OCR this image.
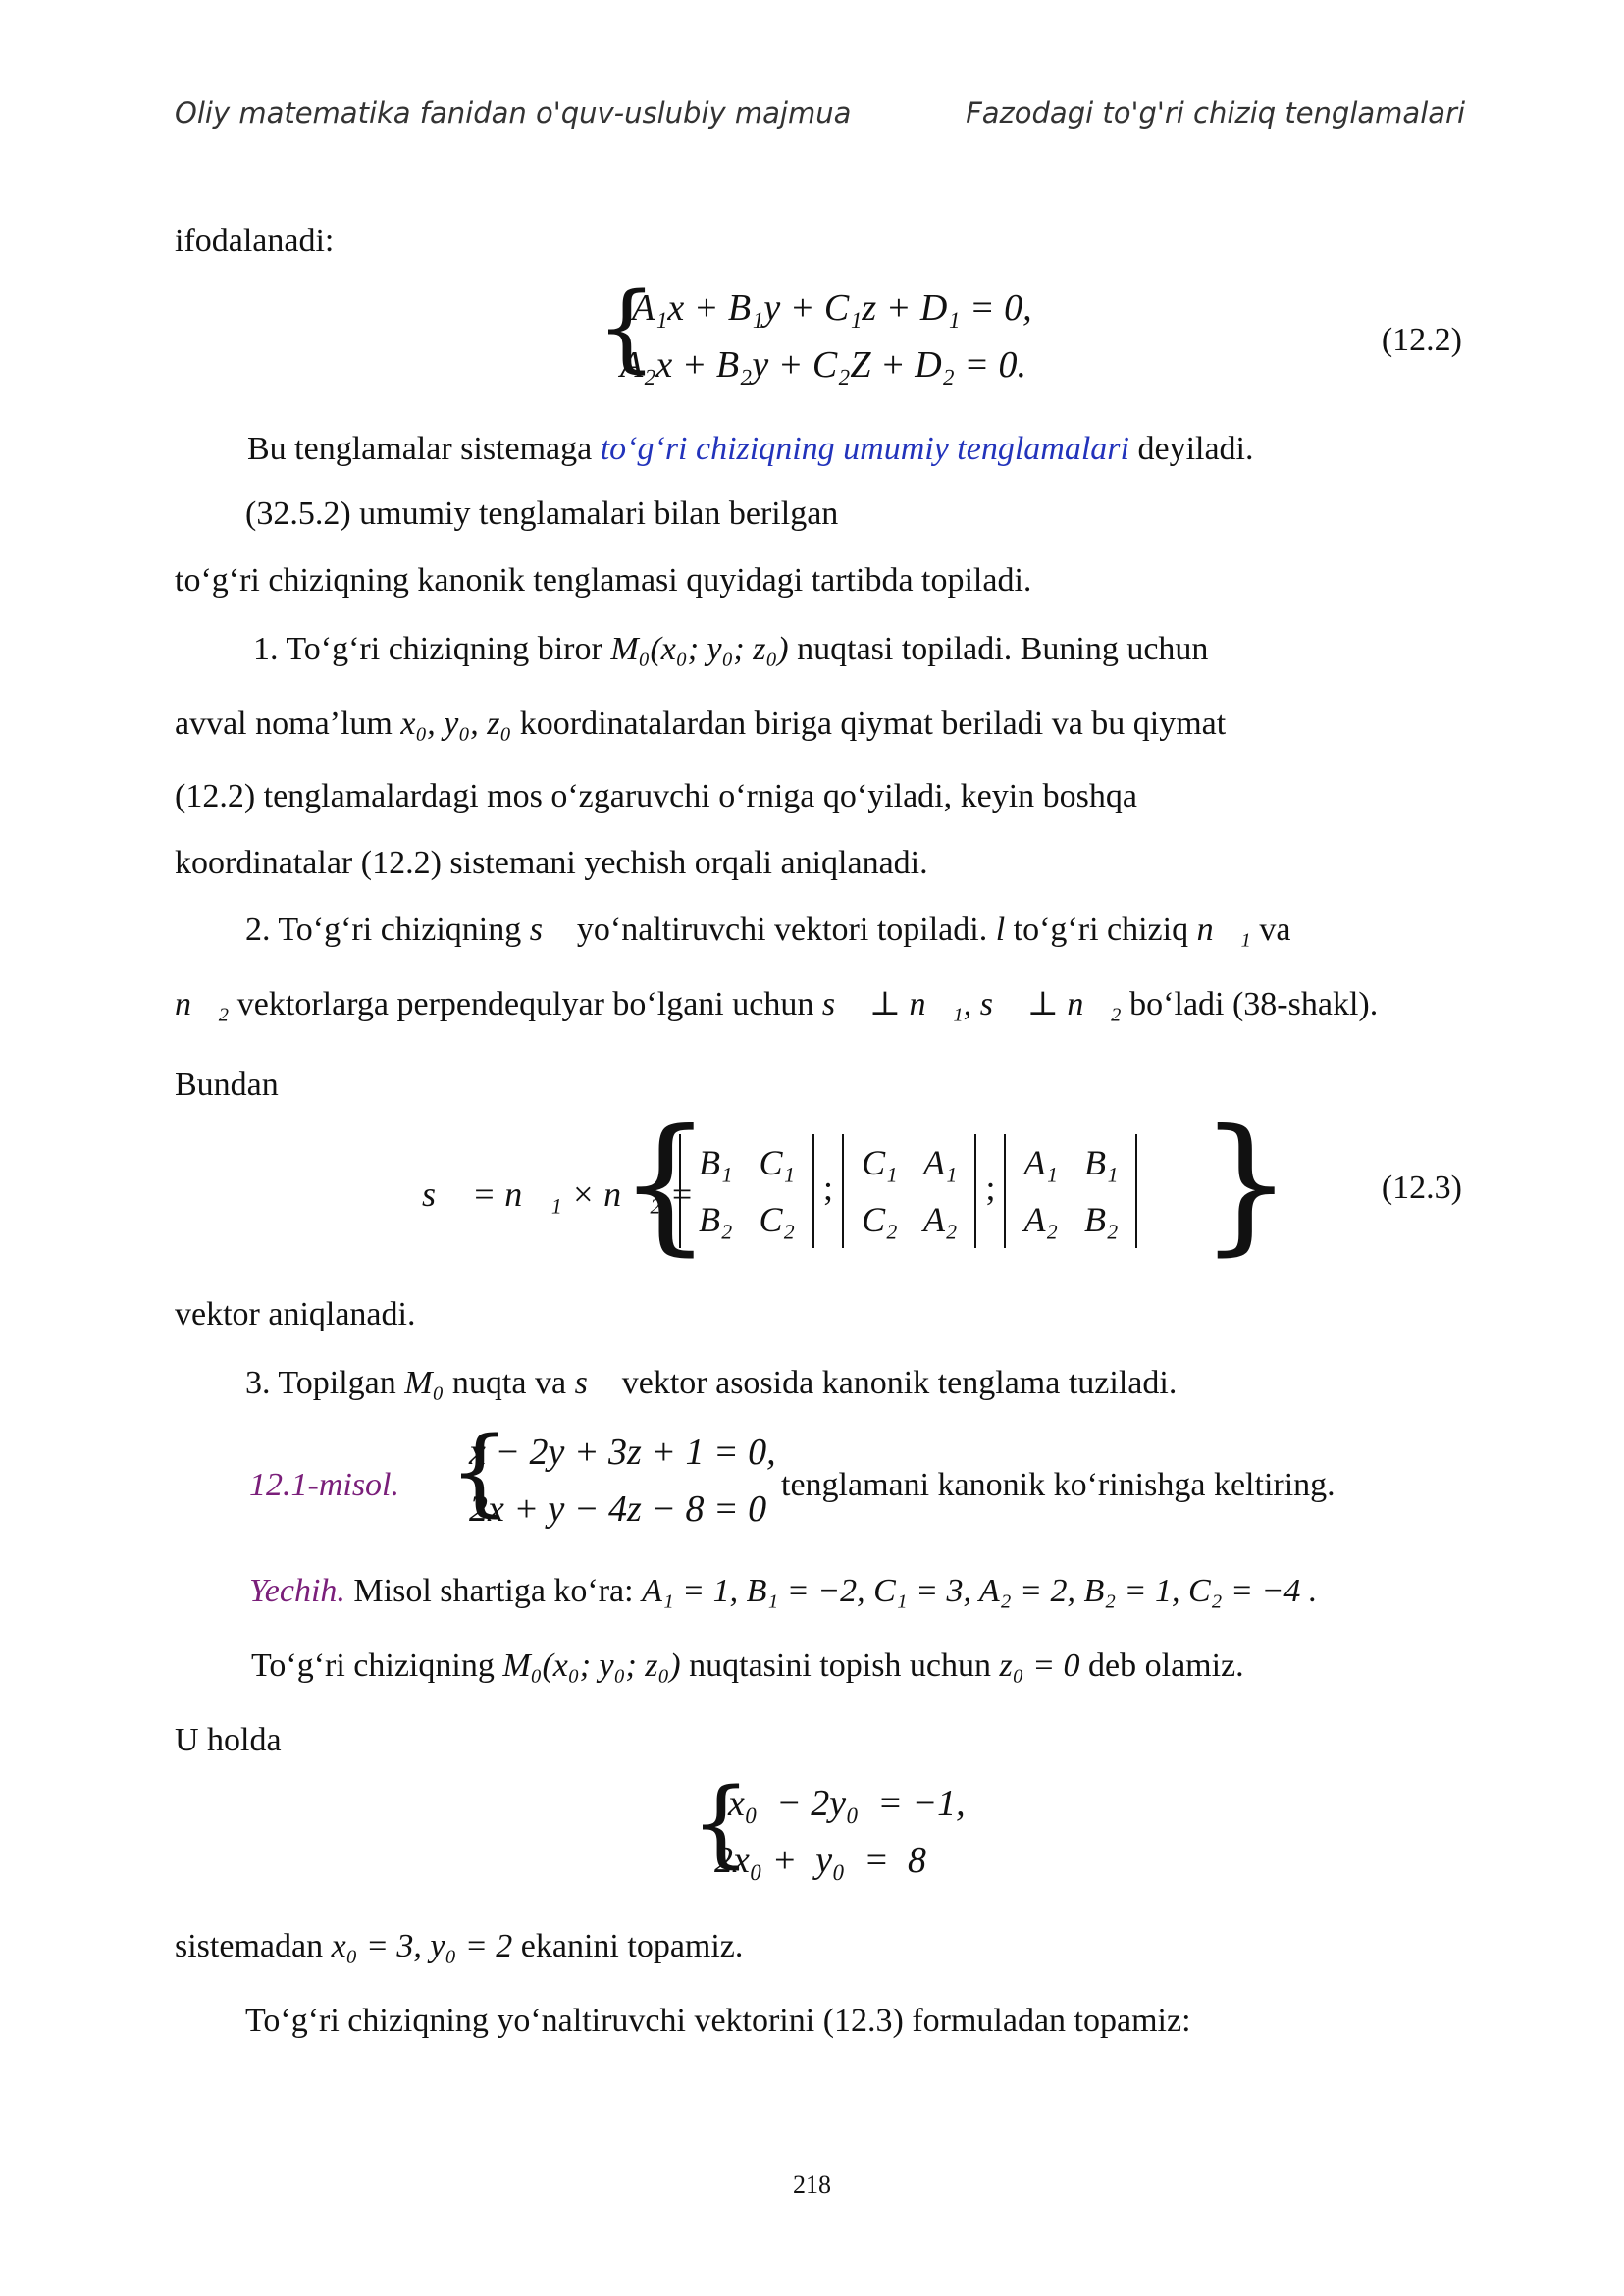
Oliy matematika fanidan o'quv-uslubiy majmua	Fazodagi to'g'ri chiziq tenglamalari
ifodalanadi:
{
A₁x + B₁y + C₁z + D₁ = 0,
A₂x + B₂y + C₂Z + D₂ = 0.
(12.2)
Bu tenglamalar sistemaga to‘g‘ri chiziqning umumiy tenglamalari deyiladi.
(32.5.2) umumiy tenglamalari bilan berilgan
to‘g‘ri chiziqning kanonik tenglamasi quyidagi tartibda topiladi.
1. To‘g‘ri chiziqning biror M₀(x₀; y₀; z₀) nuqtasi topiladi. Buning uchun
avval noma’lum x₀, y₀, z₀ koordinatalardan biriga qiymat beriladi va bu qiymat
(12.2) tenglamalardagi mos o‘zgaruvchi o‘rniga qo‘yiladi, keyin boshqa
koordinatalar (12.2) sistemani yechish orqali aniqlanadi.
2. To‘g‘ri chiziqning s⃗ yo‘naltiruvchi vektori topiladi. l to‘g‘ri chiziq n⃗₁ va
n⃗₂ vektorlarga perpendequlyar bo‘lgani uchun s⃗ ⊥ n⃗₁, s⃗ ⊥ n⃗₂ bo‘ladi (38-shakl).
Bundan
s⃗ = n⃗₁ × n⃗₂ =
{
B₁   C₁
B₂   C₂
;
C₁   A₁
C₂   A₂
;
A₁   B₁
A₂   B₂ }	(12.3)
vektor aniqlanadi.
3. Topilgan M₀ nuqta va s⃗ vektor asosida kanonik tenglama tuziladi.
12.1-misol. {
x − 2y + 3z + 1 = 0,
2x + y − 4z − 8 = 0
tenglamani kanonik ko‘rinishga keltiring.
Yechih. Misol shartiga ko‘ra: A₁ = 1, B₁ = −2, C₁ = 3, A₂ = 2, B₂ = 1, C₂ = −4 .
To‘g‘ri chiziqning M₀(x₀; y₀; z₀) nuqtasini topish uchun z₀ = 0 deb olamiz.
U holda
{
x₀  − 2y₀  = −1,
2x₀ +  y₀  =  8
sistemadan x₀ = 3, y₀ = 2 ekanini topamiz.
To‘g‘ri chiziqning yo‘naltiruvchi vektorini (12.3) formuladan topamiz:
218
